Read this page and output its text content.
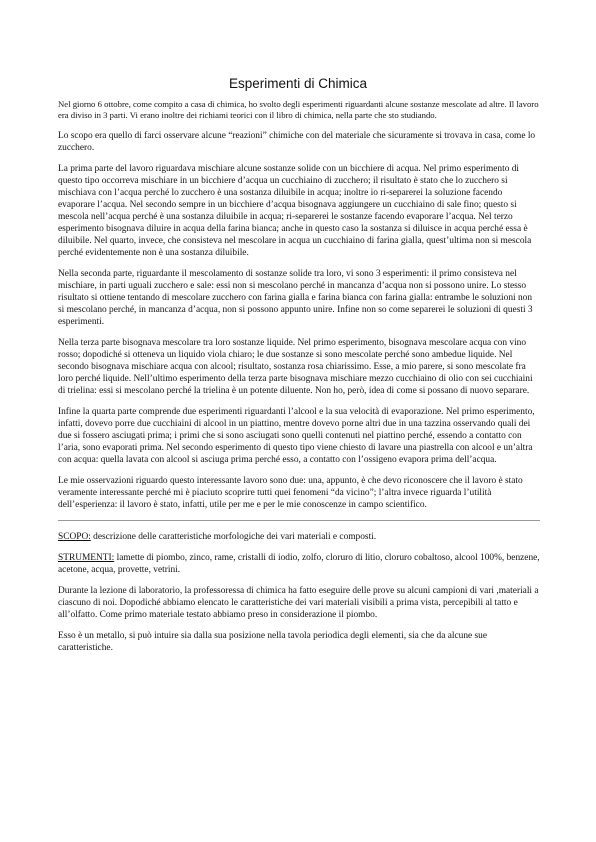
Esperimenti di Chimica

Nel giorno 6 ottobre, come compito a casa di chimica, ho svolto degli esperimenti riguardanti alcune sostanze mescolate ad altre. Il lavoro era diviso in 3 parti. Vi erano inoltre dei richiami teorici con il libro di chimica, nella parte che sto studiando.

Lo scopo era quello di farci osservare alcune “reazioni” chimiche con del materiale che sicuramente si trovava in casa, come lo zucchero.

La prima parte del lavoro riguardava mischiare alcune sostanze solide con un bicchiere di acqua. Nel primo esperimento di questo tipo occorreva mischiare in un bicchiere d’acqua un cucchiaino di zucchero; il risultato è stato che lo zucchero si mischiava con l’acqua perché lo zucchero è una sostanza diluibile in acqua; inoltre io ri-separerei la soluzione facendo evaporare l’acqua. Nel secondo sempre in un bicchiere d’acqua bisognava aggiungere un cucchiaino di sale fino; questo si mescola nell’acqua perché è una sostanza diluibile in acqua; ri-separerei le sostanze facendo evaporare l’acqua. Nel terzo esperimento bisognava diluire in acqua della farina bianca; anche in questo caso la sostanza si diluisce in acqua perché essa è diluibile. Nel quarto, invece, che consisteva nel mescolare in acqua un cucchiaino di farina gialla, quest’ultima non si mescola perché evidentemente non è una sostanza diluibile.

Nella seconda parte, riguardante il mescolamento di sostanze solide tra loro, vi sono 3 esperimenti: il primo consisteva nel mischiare, in parti uguali zucchero e sale: essi non si mescolano perché in mancanza d’acqua non si possono unire. Lo stesso risultato si ottiene tentando di mescolare zucchero con farina gialla e farina bianca con farina gialla: entrambe le soluzioni non si mescolano perché, in mancanza d’acqua, non si possono appunto unire. Infine non so come separerei le soluzioni di questi 3 esperimenti.

Nella terza parte bisognava mescolare tra loro sostanze liquide. Nel primo esperimento, bisognava mescolare acqua con vino rosso; dopodiché si otteneva un liquido viola chiaro; le due sostanze si sono mescolate perché sono ambedue liquide. Nel secondo bisognava mischiare acqua con alcool; risultato, sostanza rosa chiarissimo. Esse, a mio parere, si sono mescolate fra loro perché liquide. Nell’ultimo esperimento della terza parte bisognava mischiare mezzo cucchiaino di olio con sei cucchiaini di trielina: essi si mescolano perché la trielina è un potente diluente. Non ho, però, idea di come si possano di nuovo separare.

Infine la quarta parte comprende due esperimenti riguardanti l’alcool e la sua velocità di evaporazione. Nel primo esperimento, infatti, dovevo porre due cucchiaini di alcool in un piattino, mentre dovevo porne altri due in una tazzina osservando quali dei due si fossero asciugati prima; i primi che si sono asciugati sono quelli contenuti nel piattino perché, essendo a contatto con l’aria, sono evaporati prima. Nel secondo esperimento di questo tipo viene chiesto di lavare una piastrella con alcool e un’altra con acqua: quella lavata con alcool si asciuga prima perché esso, a contatto con l’ossigeno evapora prima dell’acqua.

Le mie osservazioni riguardo questo interessante lavoro sono due: una, appunto, è che devo riconoscere che il lavoro è stato veramente interessante perché mi è piaciuto scoprire tutti quei fenomeni “da vicino”; l’altra invece riguarda l’utilità dell’esperienza: il lavoro è stato, infatti, utile per me e per le mie conoscenze in campo scientifico.

SCOPO: descrizione delle caratteristiche morfologiche dei vari materiali e composti.

STRUMENTI: lamette di piombo, zinco, rame, cristalli di iodio, zolfo, cloruro di litio, cloruro cobaltoso, alcool 100%, benzene, acetone, acqua, provette, vetrini.

Durante la lezione di laboratorio, la professoressa di chimica ha fatto eseguire delle prove su alcuni campioni di vari ,materiali a ciascuno di noi. Dopodiché abbiamo elencato le caratteristiche dei vari materiali visibili a prima vista, percepibili al tatto e all’olfatto. Come primo materiale testato abbiamo preso in considerazione il piombo.

Esso è un metallo, si può intuire sia dalla sua posizione nella tavola periodica degli elementi, sia che da alcune sue caratteristiche.
